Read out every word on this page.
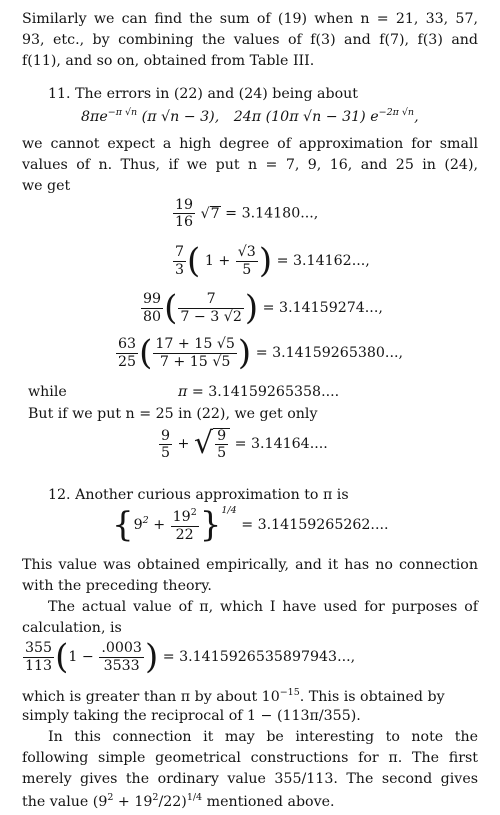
Similarly we can find the sum of (19) when n = 21, 33, 57,
93, etc., by combining the values of f(3) and f(7), f(3) and
f(11), and so on, obtained from Table III.
11. The errors in (22) and (24) being about
$8\pi e^{-\pi √n}$ (π √n − 3), 24π (10π √n − 31) $e^{-2\pi √n}$,
we cannot expect a high degree of approximation for small
values of n. Thus, if we put n = 7, 9, 16, and 25 in (24),
we get
$\frac{19}{16} √7 = 3.14180$...,
$\frac{7}{3}$ ( $1 + \frac{√3}{5}$ ) = 3.14162...,
$\frac{99}{80}$ ( $\frac{7}{7 - 3 √2}$ ) = 3.14159274...,
$\frac{63}{25}$ ( $\frac{17 + 15 √5}{7 + 15 √5}$ ) = 3.14159265380...,
while	π = 3.14159265358....
But if we put n = 25 in (22), we get only
$\frac{9}{5}$ + √ $\frac{9}{5} = 3.14164$....
12. Another curious approximation to π is
$\{9^2 + \frac{19^2}{22} \}^{1/4} = 3.14159265262$....
This value was obtained empirically, and it has no connection
with the preceding theory.
The actual value of π, which I have used for purposes of
calculation, is
$\frac{355}{113} (1 - \frac{.0003}{3533}$ ) = 3.1415926535897943...,
which is greater than π by about $10^{-15}$. This is obtained by
simply taking the reciprocal of 1 − (113π/355).
In this connection it may be interesting to note the
following simple geometrical constructions for π. The first
merely gives the ordinary value 355/113. The second gives
the value $(9^2 + 19^2/22)^{1/4}$ mentioned above.
